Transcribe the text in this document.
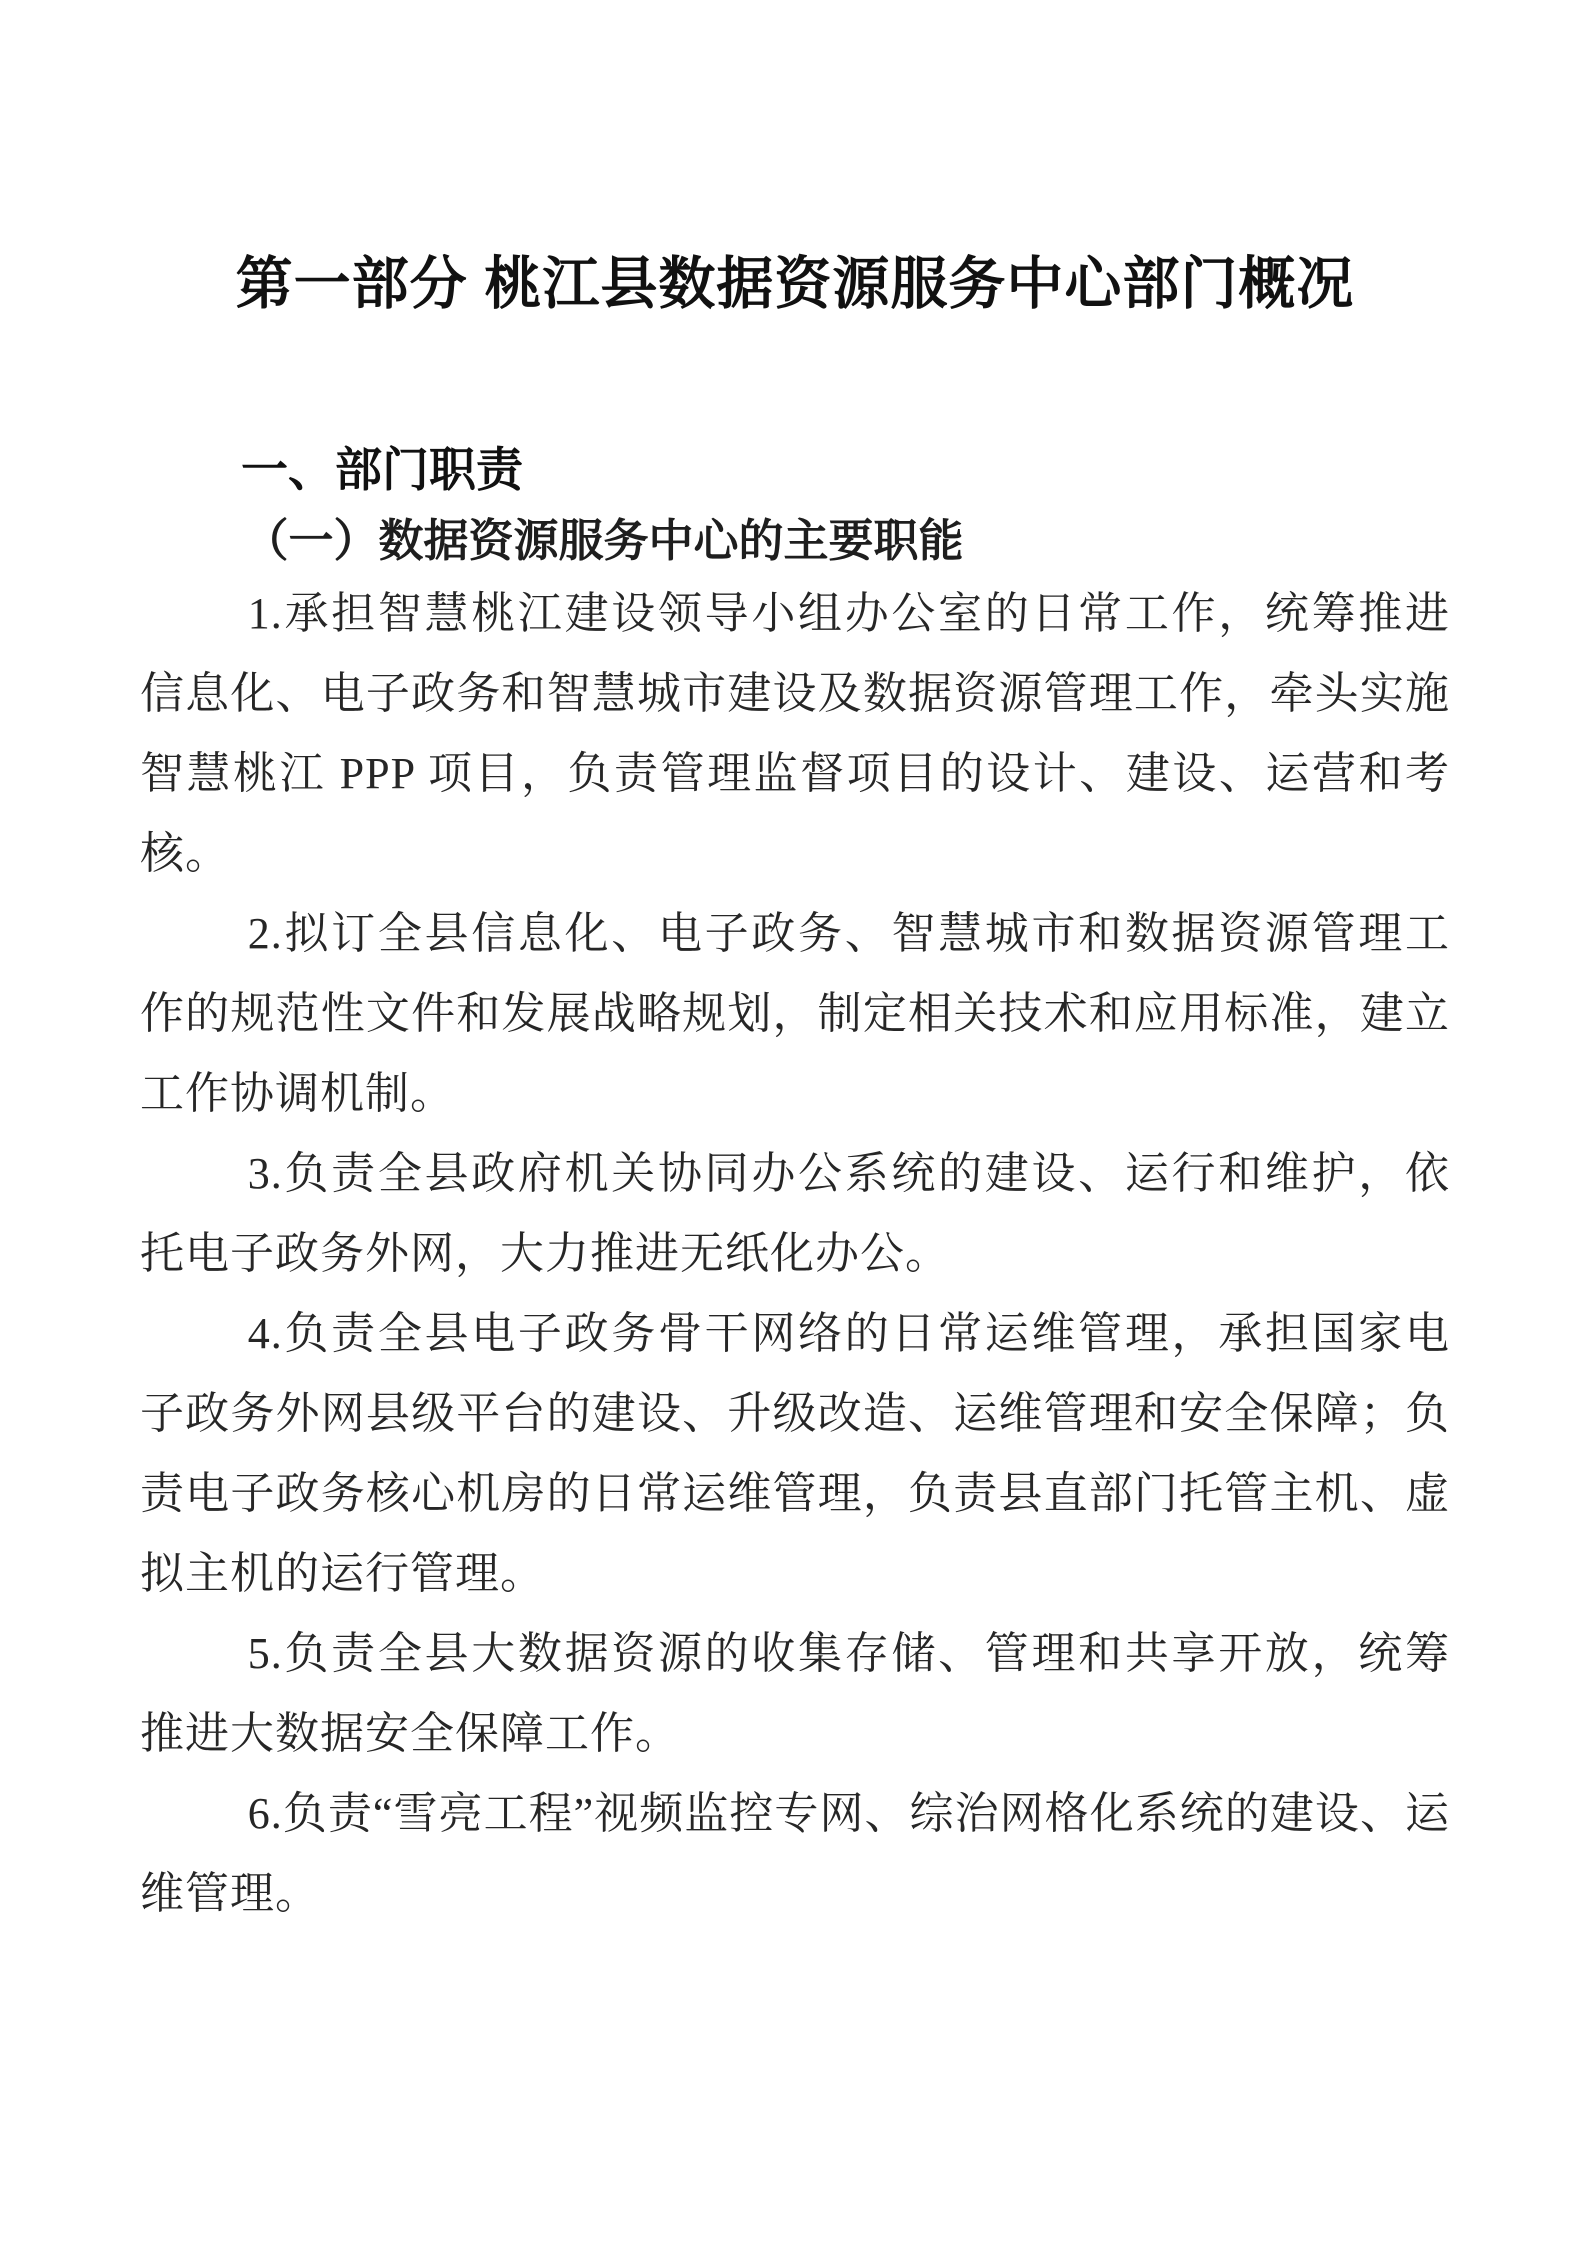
第一部分 桃江县数据资源服务中心部门概况
一、部门职责
（一）数据资源服务中心的主要职能

1.承担智慧桃江建设领导小组办公室的日常工作，统筹推进信息化、电子政务和智慧城市建设及数据资源管理工作，牵头实施智慧桃江 PPP 项目，负责管理监督项目的设计、建设、运营和考核。

2.拟订全县信息化、电子政务、智慧城市和数据资源管理工作的规范性文件和发展战略规划，制定相关技术和应用标准，建立工作协调机制。

3.负责全县政府机关协同办公系统的建设、运行和维护，依托电子政务外网，大力推进无纸化办公。

4.负责全县电子政务骨干网络的日常运维管理，承担国家电子政务外网县级平台的建设、升级改造、运维管理和安全保障；负责电子政务核心机房的日常运维管理，负责县直部门托管主机、虚拟主机的运行管理。

5.负责全县大数据资源的收集存储、管理和共享开放，统筹推进大数据安全保障工作。

6.负责“雪亮工程”视频监控专网、综治网格化系统的建设、运维管理。
